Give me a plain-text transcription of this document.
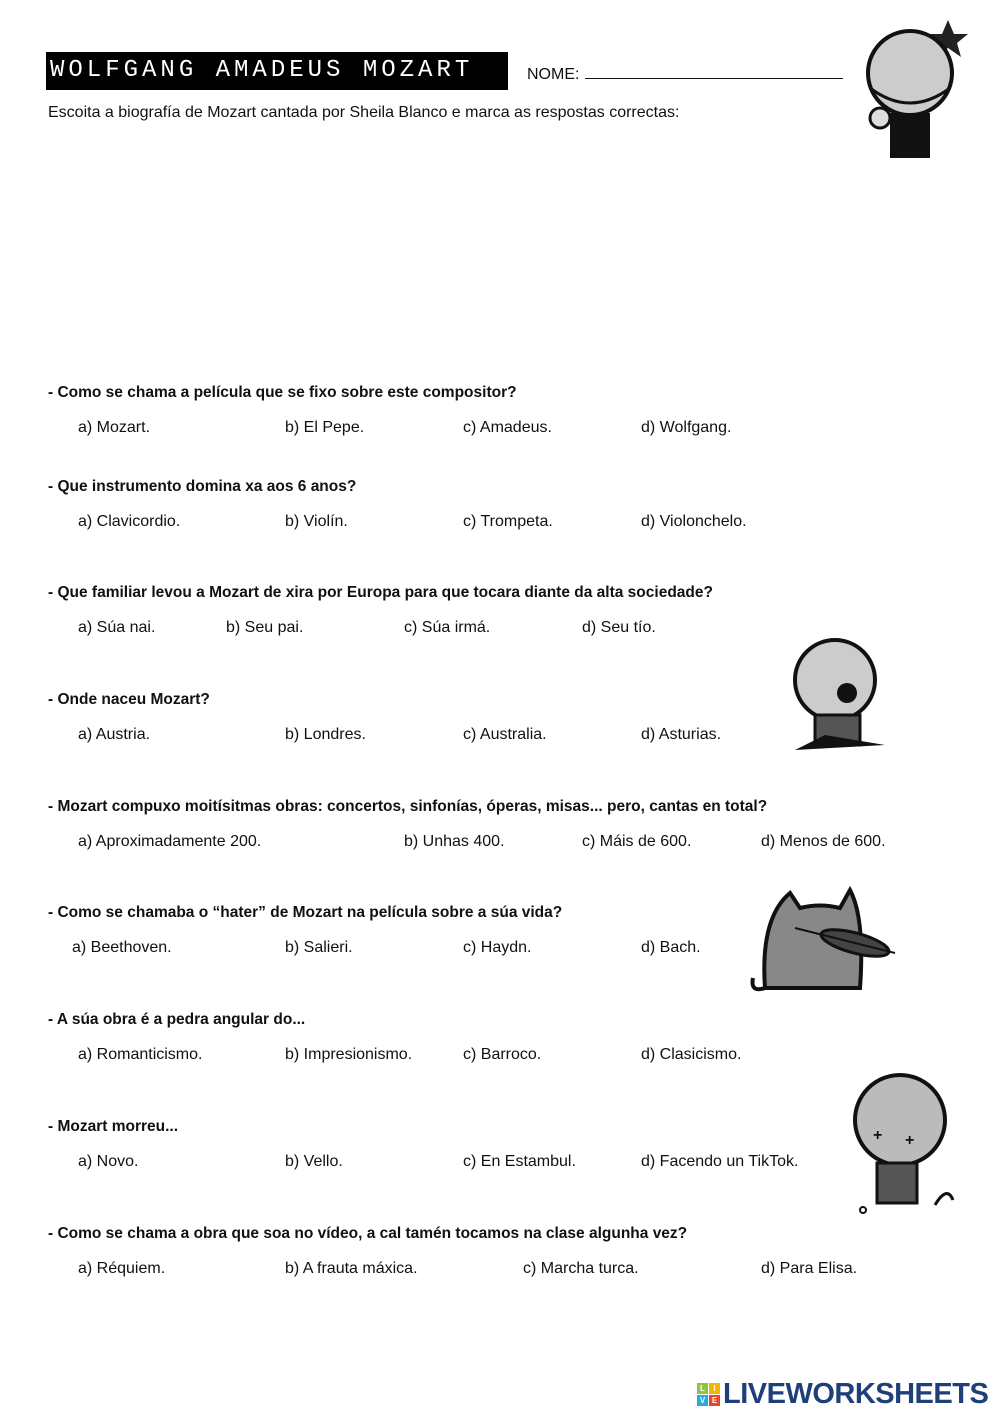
WOLFGANG AMADEUS MOZART	NOME:
Escoita a biografía de Mozart cantada por Sheila Blanco e marca as respostas correctas:
+ +
- Como se chama a película que se fixo sobre este compositor?
a) Mozart.	b) El Pepe.	c) Amadeus.	d) Wolfgang.
- Que instrumento domina xa aos 6 anos?
a) Clavicordio.	b) Violín.	c) Trompeta.	d) Violonchelo.
- Que familiar levou a Mozart de xira por Europa para que tocara diante da alta sociedade?
a) Súa nai.	b) Seu pai.	c) Súa irmá.	d) Seu tío.
- Onde naceu Mozart?
a) Austria.	b) Londres.	c) Australia.	d) Asturias.
- Mozart compuxo moitísitmas obras: concertos, sinfonías, óperas, misas... pero, cantas en total?
a) Aproximadamente 200.	b) Unhas 400.	c) Máis de 600.	d) Menos de 600.
- Como se chamaba o “hater” de Mozart na película sobre a súa vida?
a) Beethoven.	b) Salieri.	c) Haydn.	d) Bach.
- A súa obra é a pedra angular do...
a) Romanticismo.	b) Impresionismo.	c) Barroco.	d) Clasicismo.
- Mozart morreu...
a) Novo.	b) Vello.	c) En Estambul.	d) Facendo un TikTok.
- Como se chama a obra que soa no vídeo, a cal tamén tocamos na clase algunha vez?
a) Réquiem.	b) A frauta máxica.	c) Marcha turca.	d) Para Elisa.
L	I
V E LIVEWORKSHEETS
